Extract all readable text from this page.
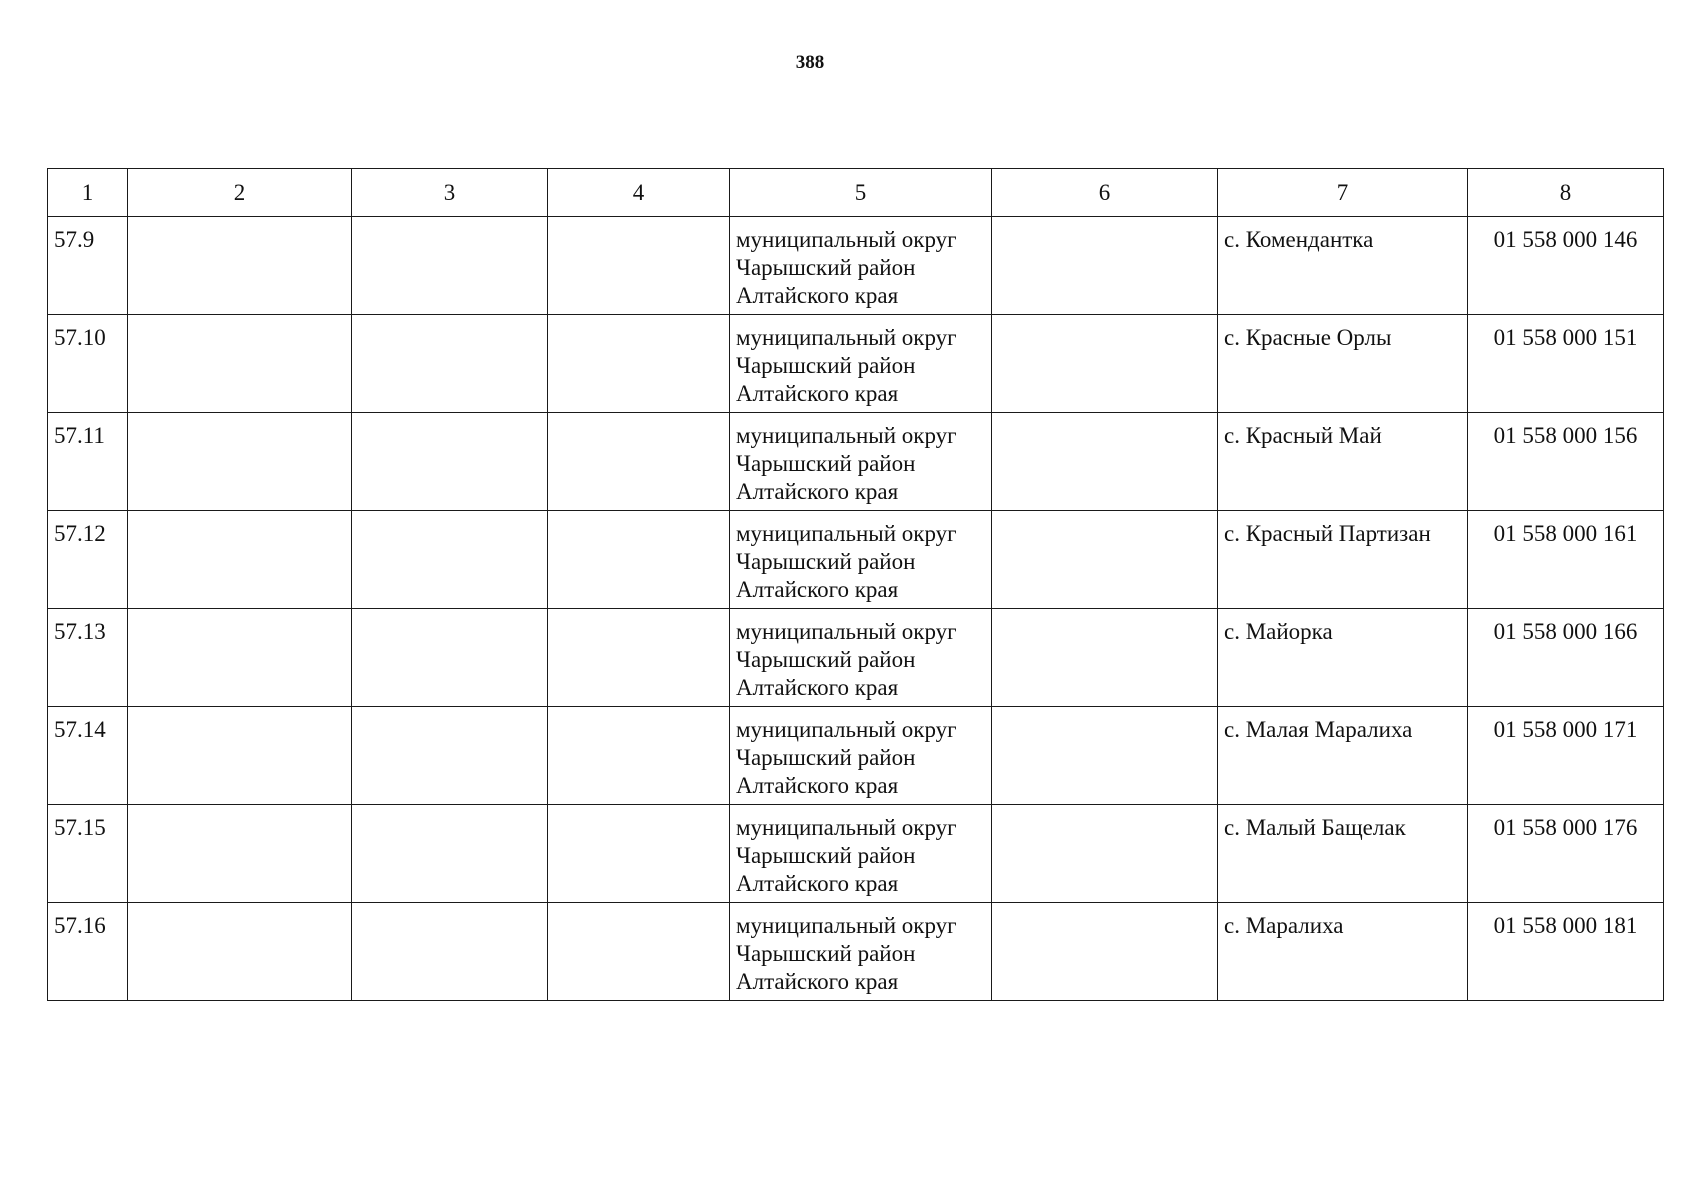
388
1	2	3	4	5	6	7	8
57.9				муниципальный округ
Чарышский район
Алтайского края		с. Комендантка	01 558 000 146
57.10				муниципальный округ
Чарышский район
Алтайского края		с. Красные Орлы	01 558 000 151
57.11				муниципальный округ
Чарышский район
Алтайского края		с. Красный Май	01 558 000 156
57.12				муниципальный округ
Чарышский район
Алтайского края		с. Красный Партизан	01 558 000 161
57.13				муниципальный округ
Чарышский район
Алтайского края		с. Майорка	01 558 000 166
57.14				муниципальный округ
Чарышский район
Алтайского края		с. Малая Маралиха	01 558 000 171
57.15				муниципальный округ
Чарышский район
Алтайского края		с. Малый Бащелак	01 558 000 176
57.16				муниципальный округ
Чарышский район
Алтайского края		с. Маралиха	01 558 000 181
